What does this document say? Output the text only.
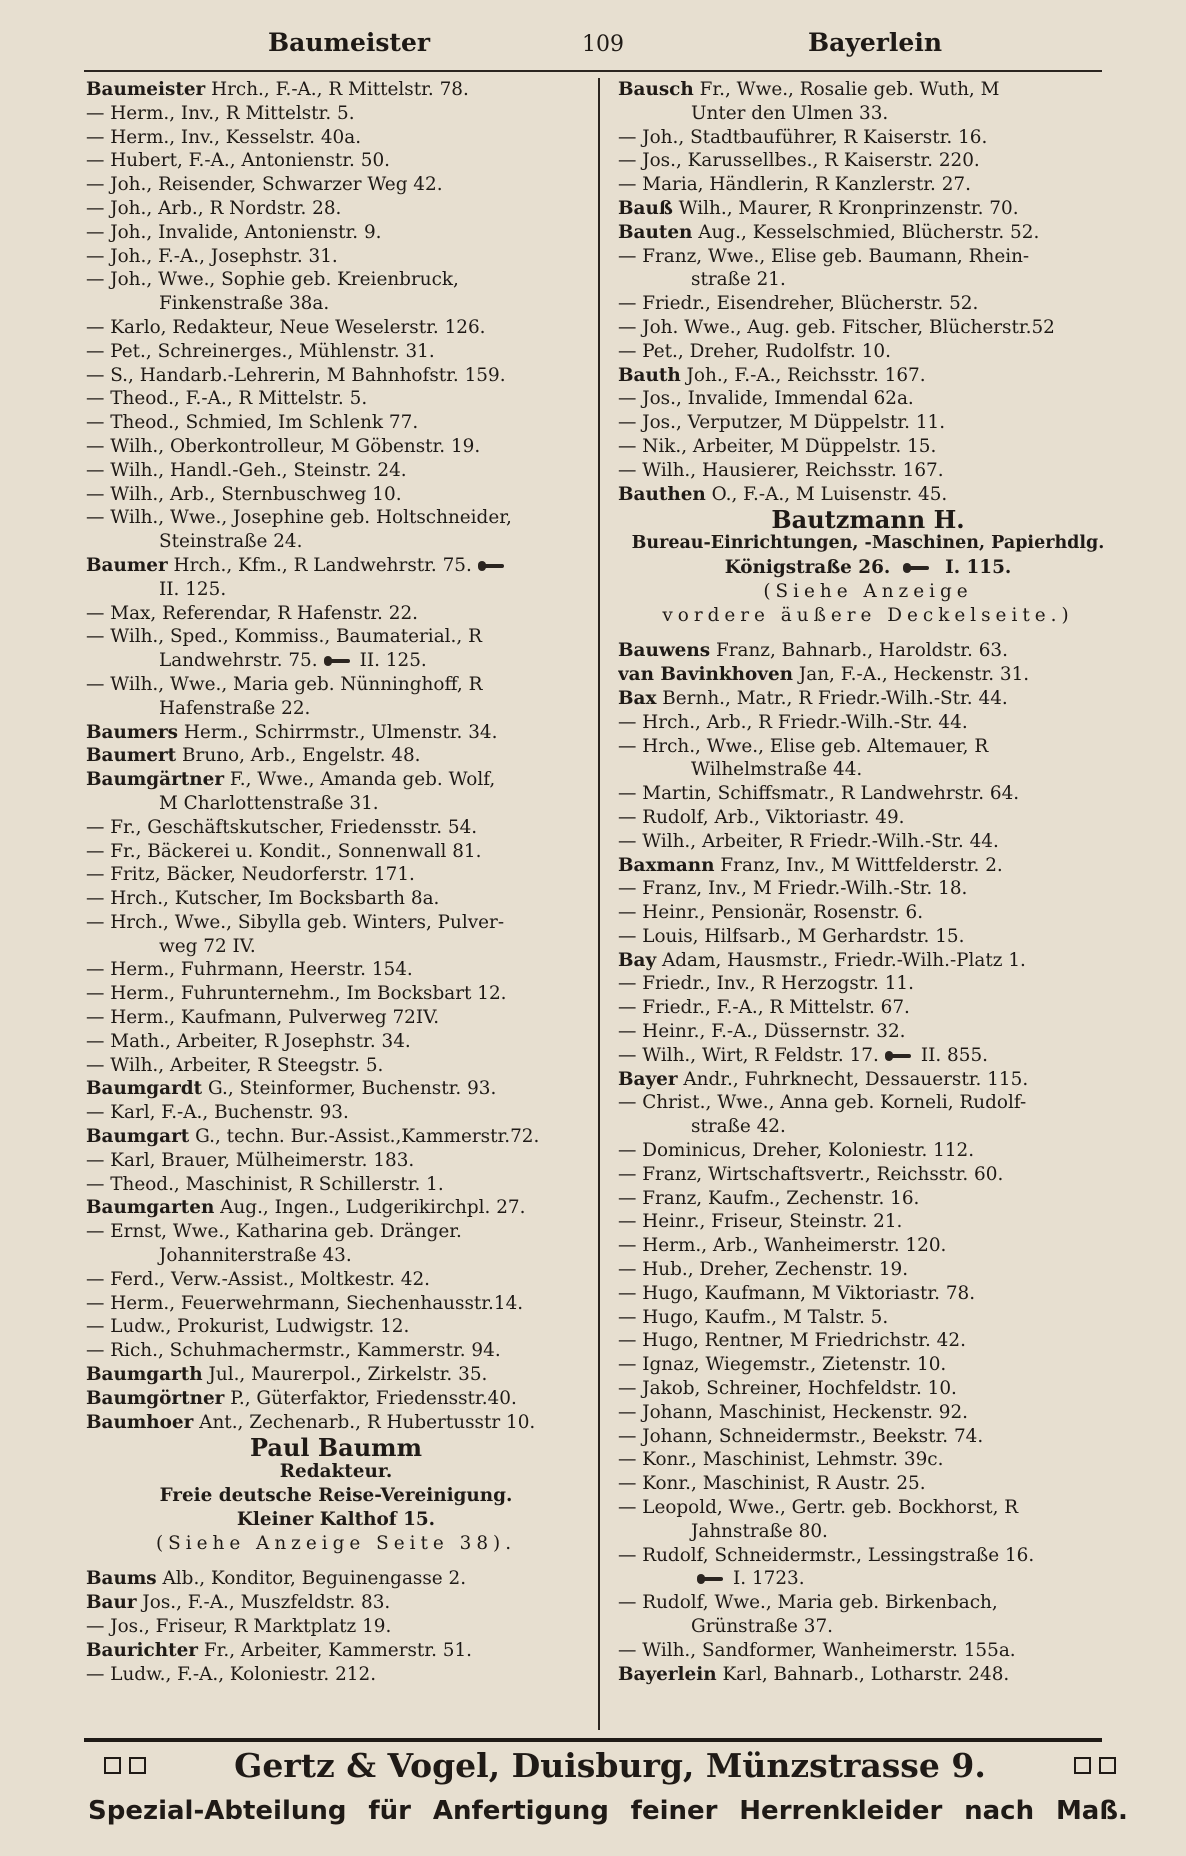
Baumeister	109	Bayerlein
Baumeister Hrch., F.-A., R Mittelstr. 78.
— Herm., Inv., R Mittelstr. 5.
— Herm., Inv., Kesselstr. 40a.
— Hubert, F.-A., Antonienstr. 50.
— Joh., Reisender, Schwarzer Weg 42.
— Joh., Arb., R Nordstr. 28.
— Joh., Invalide, Antonienstr. 9.
— Joh., F.-A., Josephstr. 31.
— Joh., Wwe., Sophie geb. Kreienbruck,
Finkenstraße 38a.
— Karlo, Redakteur, Neue Weselerstr. 126.
— Pet., Schreinerges., Mühlenstr. 31.
— S., Handarb.-Lehrerin, M Bahnhofstr. 159.
— Theod., F.-A., R Mittelstr. 5.
— Theod., Schmied, Im Schlenk 77.
— Wilh., Oberkontrolleur, M Göbenstr. 19.
— Wilh., Handl.-Geh., Steinstr. 24.
— Wilh., Arb., Sternbuschweg 10.
— Wilh., Wwe., Josephine geb. Holtschneider,
Steinstraße 24.
Baumer Hrch., Kfm., R Landwehrstr. 75.
II. 125.
— Max, Referendar, R Hafenstr. 22.
— Wilh., Sped., Kommiss., Baumaterial., R
Landwehrstr. 75. II. 125.
— Wilh., Wwe., Maria geb. Nünninghoff, R
Hafenstraße 22.
Baumers Herm., Schirrmstr., Ulmenstr. 34.
Baumert Bruno, Arb., Engelstr. 48.
Baumgärtner F., Wwe., Amanda geb. Wolf,
M Charlottenstraße 31.
— Fr., Geschäftskutscher, Friedensstr. 54.
— Fr., Bäckerei u. Kondit., Sonnenwall 81.
— Fritz, Bäcker, Neudorferstr. 171.
— Hrch., Kutscher, Im Bocksbarth 8a.
— Hrch., Wwe., Sibylla geb. Winters, Pulver-
weg 72 IV.
— Herm., Fuhrmann, Heerstr. 154.
— Herm., Fuhrunternehm., Im Bocksbart 12.
— Herm., Kaufmann, Pulverweg 72IV.
— Math., Arbeiter, R Josephstr. 34.
— Wilh., Arbeiter, R Steegstr. 5.
Baumgardt G., Steinformer, Buchenstr. 93.
— Karl, F.-A., Buchenstr. 93.
Baumgart G., techn. Bur.-Assist.,Kammerstr.72.
— Karl, Brauer, Mülheimerstr. 183.
— Theod., Maschinist, R Schillerstr. 1.
Baumgarten Aug., Ingen., Ludgerikirchpl. 27.
— Ernst, Wwe., Katharina geb. Dränger.
Johanniterstraße 43.
— Ferd., Verw.-Assist., Moltkestr. 42.
— Herm., Feuerwehrmann, Siechenhausstr.14.
— Ludw., Prokurist, Ludwigstr. 12.
— Rich., Schuhmachermstr., Kammerstr. 94.
Baumgarth Jul., Maurerpol., Zirkelstr. 35.
Baumgörtner P., Güterfaktor, Friedensstr.40.
Baumhoer Ant., Zechenarb., R Hubertusstr 10.
Paul Baumm
Redakteur.
Freie deutsche Reise-Vereinigung.
Kleiner Kalthof 15.
(Siehe Anzeige Seite 38).
Baums Alb., Konditor, Beguinengasse 2.
Baur Jos., F.-A., Muszfeldstr. 83.
— Jos., Friseur, R Marktplatz 19.
Baurichter Fr., Arbeiter, Kammerstr. 51.
— Ludw., F.-A., Koloniestr. 212.
Bausch Fr., Wwe., Rosalie geb. Wuth, M
Unter den Ulmen 33.
— Joh., Stadtbauführer, R Kaiserstr. 16.
— Jos., Karussellbes., R Kaiserstr. 220.
— Maria, Händlerin, R Kanzlerstr. 27.
Bauß Wilh., Maurer, R Kronprinzenstr. 70.
Bauten Aug., Kesselschmied, Blücherstr. 52.
— Franz, Wwe., Elise geb. Baumann, Rhein-
straße 21.
— Friedr., Eisendreher, Blücherstr. 52.
— Joh. Wwe., Aug. geb. Fitscher, Blücherstr.52
— Pet., Dreher, Rudolfstr. 10.
Bauth Joh., F.-A., Reichsstr. 167.
— Jos., Invalide, Immendal 62a.
— Jos., Verputzer, M Düppelstr. 11.
— Nik., Arbeiter, M Düppelstr. 15.
— Wilh., Hausierer, Reichsstr. 167.
Bauthen O., F.-A., M Luisenstr. 45.
Bautzmann H.
Bureau-Einrichtungen, -Maschinen, Papierhdlg.
Königstraße 26.	I. 115.
(Siehe Anzeige
vordere äußere Deckelseite.)
Bauwens Franz, Bahnarb., Haroldstr. 63.
van Bavinkhoven Jan, F.-A., Heckenstr. 31.
Bax Bernh., Matr., R Friedr.-Wilh.-Str. 44.
— Hrch., Arb., R Friedr.-Wilh.-Str. 44.
— Hrch., Wwe., Elise geb. Altemauer, R
Wilhelmstraße 44.
— Martin, Schiffsmatr., R Landwehrstr. 64.
— Rudolf, Arb., Viktoriastr. 49.
— Wilh., Arbeiter, R Friedr.-Wilh.-Str. 44.
Baxmann Franz, Inv., M Wittfelderstr. 2.
— Franz, Inv., M Friedr.-Wilh.-Str. 18.
— Heinr., Pensionär, Rosenstr. 6.
— Louis, Hilfsarb., M Gerhardstr. 15.
Bay Adam, Hausmstr., Friedr.-Wilh.-Platz 1.
— Friedr., Inv., R Herzogstr. 11.
— Friedr., F.-A., R Mittelstr. 67.
— Heinr., F.-A., Düssernstr. 32.
— Wilh., Wirt, R Feldstr. 17. II. 855.
Bayer Andr., Fuhrknecht, Dessauerstr. 115.
— Christ., Wwe., Anna geb. Korneli, Rudolf-
straße 42.
— Dominicus, Dreher, Koloniestr. 112.
— Franz, Wirtschaftsvertr., Reichsstr. 60.
— Franz, Kaufm., Zechenstr. 16.
— Heinr., Friseur, Steinstr. 21.
— Herm., Arb., Wanheimerstr. 120.
— Hub., Dreher, Zechenstr. 19.
— Hugo, Kaufmann, M Viktoriastr. 78.
— Hugo, Kaufm., M Talstr. 5.
— Hugo, Rentner, M Friedrichstr. 42.
— Ignaz, Wiegemstr., Zietenstr. 10.
— Jakob, Schreiner, Hochfeldstr. 10.
— Johann, Maschinist, Heckenstr. 92.
— Johann, Schneidermstr., Beekstr. 74.
— Konr., Maschinist, Lehmstr. 39c.
— Konr., Maschinist, R Austr. 25.
— Leopold, Wwe., Gertr. geb. Bockhorst, R
Jahnstraße 80.
— Rudolf, Schneidermstr., Lessingstraße 16.
I. 1723.
— Rudolf, Wwe., Maria geb. Birkenbach,
Grünstraße 37.
— Wilh., Sandformer, Wanheimerstr. 155a.
Bayerlein Karl, Bahnarb., Lotharstr. 248.
Gertz & Vogel, Duisburg, Münzstrasse 9.
Spezial-Abteilung für Anfertigung feiner Herrenkleider nach Maß.
